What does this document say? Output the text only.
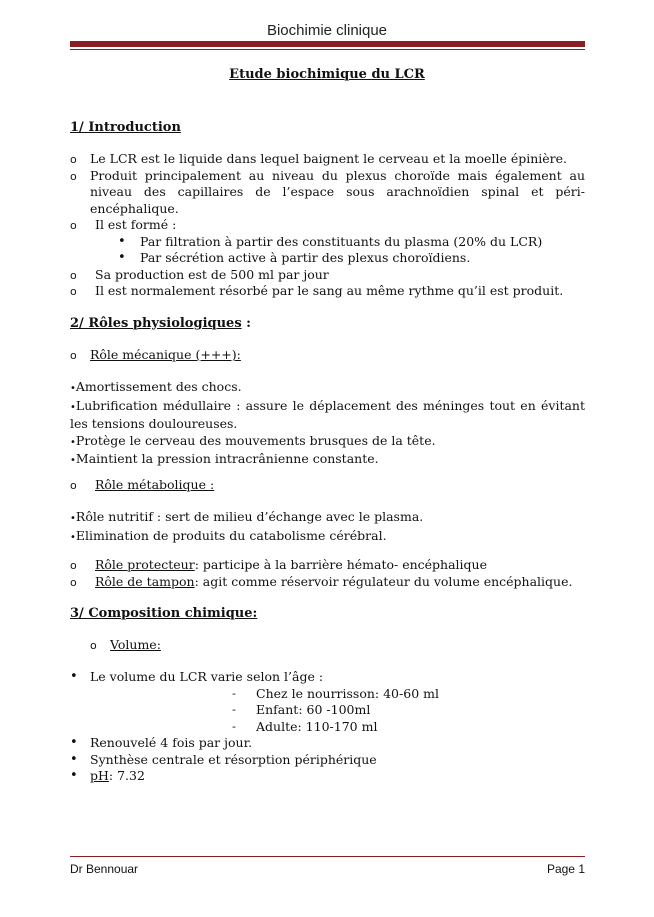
Biochimie clinique
Etude biochimique du LCR
1/ Introduction
o Le LCR est le liquide dans lequel baignent le cerveau et la moelle épinière.
o Produit principalement au niveau du plexus choroïde mais également au niveau des capillaires de l’espace sous arachnoïdien spinal et péri-encéphalique.
o Il est formé :
• Par filtration à partir des constituants du plasma (20% du LCR)
• Par sécrétion active à partir des plexus choroïdiens.
o Sa production est de 500 ml par jour
o Il est normalement résorbé par le sang au même rythme qu’il est produit.
2/ Rôles physiologiques :
o Rôle mécanique (+++):
•Amortissement des chocs.
•Lubrification médullaire : assure le déplacement des méninges tout en évitant les tensions douloureuses.
•Protège le cerveau des mouvements brusques de la tête.
•Maintient la pression intracrânienne constante.
o Rôle métabolique :
•Rôle nutritif : sert de milieu d’échange avec le plasma.
•Elimination de produits du catabolisme cérébral.
o Rôle protecteur: participe à la barrière hémato- encéphalique
o Rôle de tampon: agit comme réservoir régulateur du volume encéphalique.
3/ Composition chimique:
o Volume:
• Le volume du LCR varie selon l’âge :
- Chez le nourrisson: 40-60 ml
- Enfant: 60 -100ml
- Adulte: 110-170 ml
• Renouvelé 4 fois par jour.
• Synthèse centrale et résorption périphérique
• pH: 7.32
Dr Bennouar	Page 1
